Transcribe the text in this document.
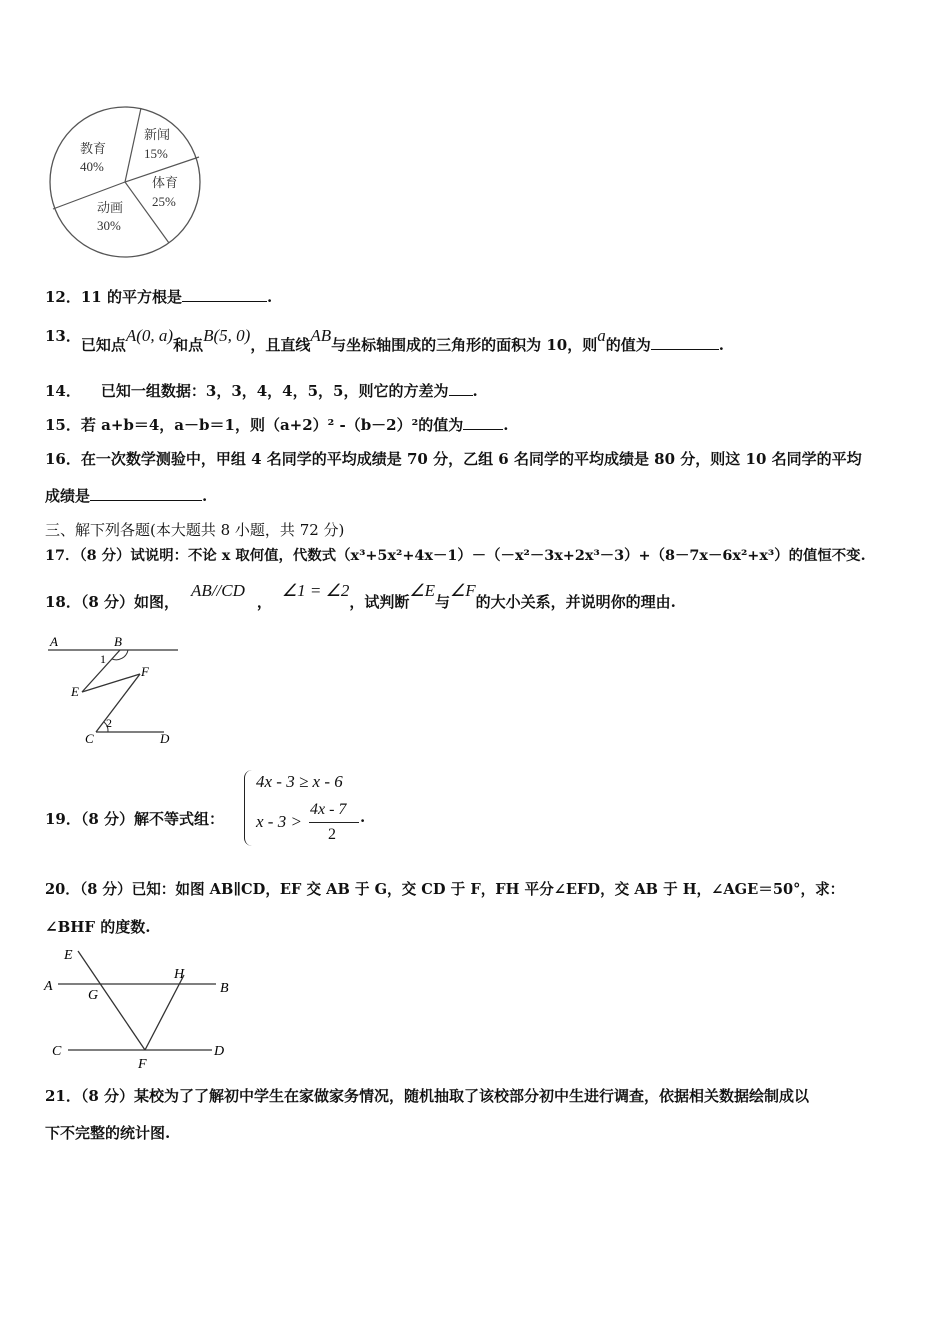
教育
40%
新闻
15%
体育
25%
动画
30%
12．11 的平方根是	.
13．已知点A(0, a)和点B(5, 0)，且直线AB与坐标轴围成的三角形的面积为 10，则a的值为	.
14． 已知一组数据：3，3，4，4，5，5，则它的方差为 .
15．若 a+b＝4，a－b＝1，则（a+2）² -（b－2）²的值为	.
16．在一次数学测验中，甲组 4 名同学的平均成绩是 70 分，乙组 6 名同学的平均成绩是 80 分，则这 10 名同学的平均
成绩是	.
三、解下列各题(本大题共 8 小题，共 72 分)
17．（8 分）试说明：不论 x 取何值，代数式（x³+5x²+4x－1）－（－x²－3x+2x³－3）+（8－7x－6x²+x³）的值恒不变.
18．（8 分）如图，AB//CD，∠1 = ∠2，试判断∠E与∠F的大小关系，并说明你的理由.
A	B
1
E
F
2
C	D
19．（8 分）解不等式组：
4x - 3 ≥ x - 6
x - 3 >
4x - 7
2
.
20．（8 分）已知：如图 AB∥CD，EF 交 AB 于 G，交 CD 于 F，FH 平分∠EFD，交 AB 于 H，∠AGE＝50°，求：
∠BHF 的度数.
E
A
G
H
B
C
F
D
21．（8 分）某校为了了解初中学生在家做家务情况，随机抽取了该校部分初中生进行调查，依据相关数据绘制成以
下不完整的统计图.
